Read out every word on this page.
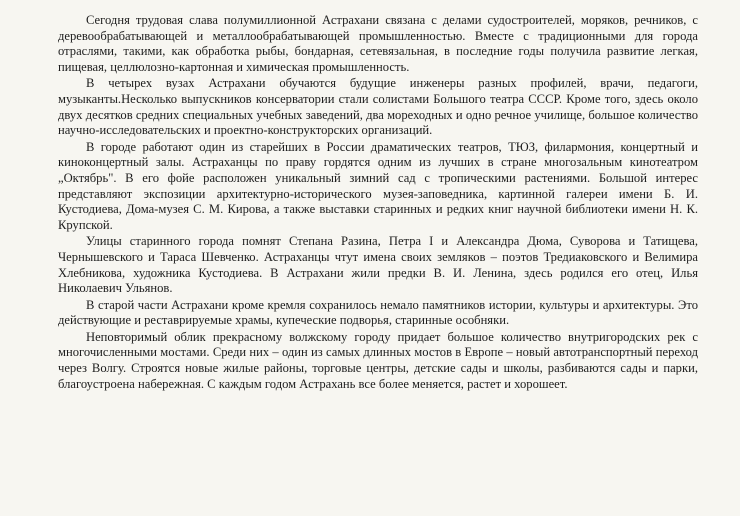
Сегодня трудовая слава полумиллионной Астрахани связана с делами судостроителей, моряков, речников, с деревообрабатывающей и металлообрабатывающей промышленностью. Вместе с традиционными для города отраслями, такими, как обработка рыбы, бондарная, сетевязальная, в последние годы получила развитие легкая, пищевая, целлюлозно-картонная и химическая промышленность.

В четырех вузах Астрахани обучаются будущие инженеры разных профилей, врачи, педагоги, музыканты.Несколько выпускников консерватории стали солистами Большого театра СССР. Кроме того, здесь около двух десятков средних специальных учебных заведений, два мореходных и одно речное училище, большое количество научно-исследовательских и проектно-конструкторских организаций.

В городе работают один из старейших в России драматических театров, ТЮЗ, филармония, концертный и киноконцертный залы. Астраханцы по праву гордятся одним из лучших в стране многозальным кинотеатром „Октябрь". В его фойе расположен уникальный зимний сад с тропическими растениями. Большой интерес представляют экспозиции архитектурно-исторического музея-заповедника, картинной галереи имени Б. И. Кустодиева, Дома-музея С. М. Кирова, а также выставки старинных и редких книг научной библиотеки имени Н. К. Крупской.

Улицы старинного города помнят Степана Разина, Петра I и Александра Дюма, Суворова и Татищева, Чернышевского и Тараса Шевченко. Астраханцы чтут имена своих земляков – поэтов Тредиаковского и Велимира Хлебникова, художника Кустодиева. В Астрахани жили предки В. И. Ленина, здесь родился его отец, Илья Николаевич Ульянов.

В старой части Астрахани кроме кремля сохранилось немало памятников истории, культуры и архитектуры. Это действующие и реставрируемые храмы, купеческие подворья, старинные особняки.

Неповторимый облик прекрасному волжскому городу придает большое количество внутригородских рек с многочисленными мостами. Среди них – один из самых длинных мостов в Европе – новый автотранспортный переход через Волгу. Строятся новые жилые районы, торговые центры, детские сады и школы, разбиваются сады и парки, благоустроена набережная. С каждым годом Астрахань все более меняется, растет и хорошеет.
